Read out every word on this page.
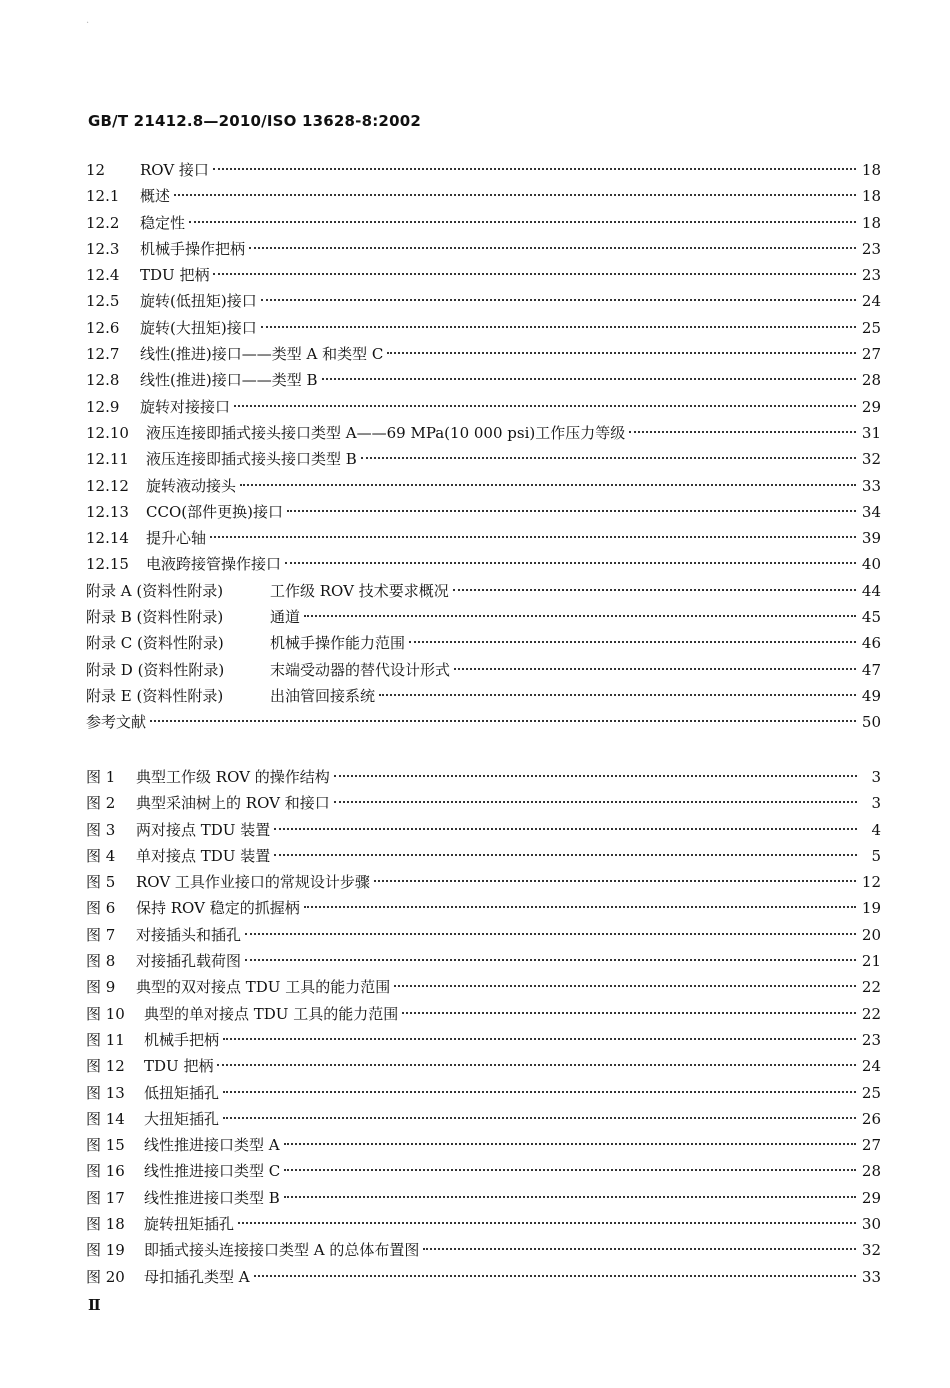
·
GB/T 21412.8—2010/ISO 13628-8:2002
12	ROV 接口	18
12.1	概述	18
12.2	稳定性	18
12.3	机械手操作把柄	23
12.4	TDU 把柄	23
12.5	旋转(低扭矩)接口	24
12.6	旋转(大扭矩)接口	25
12.7	线性(推进)接口——类型 A 和类型 C	27
12.8	线性(推进)接口——类型 B	28
12.9	旋转对接接口	29
12.10	液压连接即插式接头接口类型 A——69 MPa(10 000 psi)工作压力等级	31
12.11	液压连接即插式接头接口类型 B	32
12.12	旋转液动接头	33
12.13	CCO(部件更换)接口	34
12.14	提升心轴	39
12.15	电液跨接管操作接口	40
附录 A (资料性附录)	工作级 ROV 技术要求概况	44
附录 B (资料性附录)	通道	45
附录 C (资料性附录)	机械手操作能力范围	46
附录 D (资料性附录)	末端受动器的替代设计形式	47
附录 E (资料性附录)	出油管回接系统	49
参考文献	50
图 1	典型工作级 ROV 的操作结构	3
图 2	典型采油树上的 ROV 和接口	3
图 3	两对接点 TDU 装置	4
图 4	单对接点 TDU 装置	5
图 5	ROV 工具作业接口的常规设计步骤	12
图 6	保持 ROV 稳定的抓握柄	19
图 7	对接插头和插孔	20
图 8	对接插孔载荷图	21
图 9	典型的双对接点 TDU 工具的能力范围	22
图 10	典型的单对接点 TDU 工具的能力范围	22
图 11	机械手把柄	23
图 12	TDU 把柄	24
图 13	低扭矩插孔	25
图 14	大扭矩插孔	26
图 15	线性推进接口类型 A	27
图 16	线性推进接口类型 C	28
图 17	线性推进接口类型 B	29
图 18	旋转扭矩插孔	30
图 19	即插式接头连接接口类型 A 的总体布置图	32
图 20	母扣插孔类型 A	33
Ⅱ
